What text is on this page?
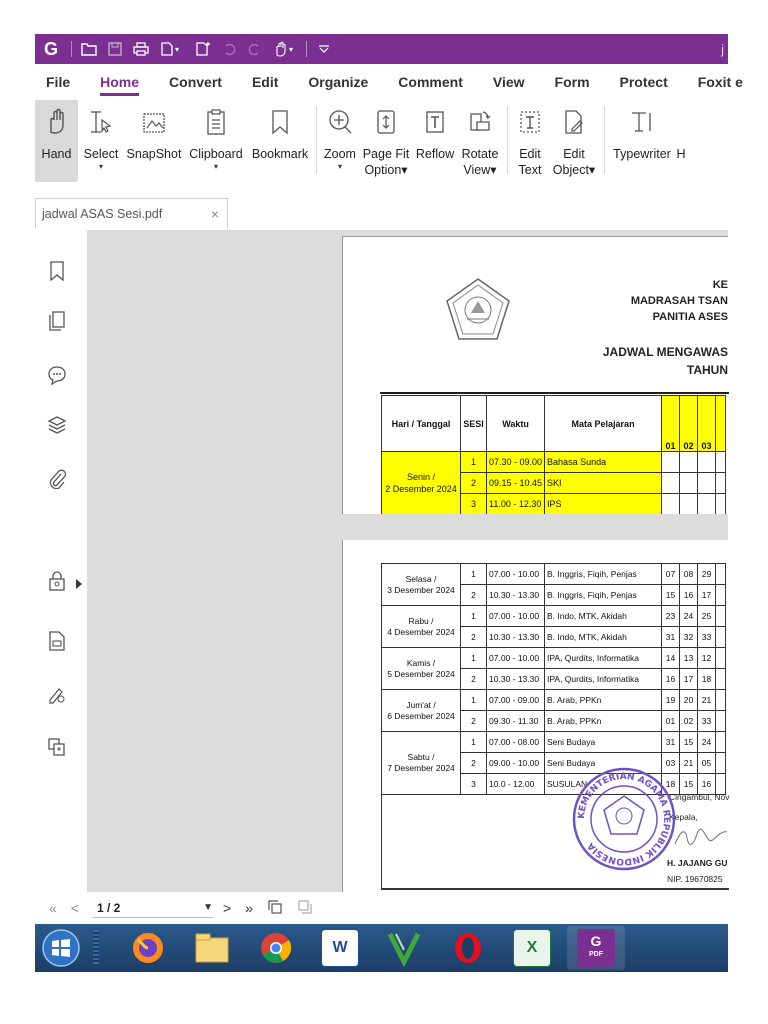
G	▾	▾	j
File Home Convert Edit Organize Comment View Form Protect Foxit e
Hand Select
▾
SnapShot Clipboard
▾
Bookmark Zoom
▾
Page Fit
Option▾
Reflow Rotate
View▾
Edit
Text
Edit
Object▾
Typewriter H
jadwal ASAS Sesi.pdf	×
KE
MADRASAH TSAN
PANITIA ASES
JADWAL MENGAWAS
TAHUN
Hari / Tanggal	SESI	Waktu	Mata Pelajaran	01	02	03	
Senin /
2 Desember 2024	1	07.30 - 09.00	Bahasa Sunda				
	2	09.15 - 10.45	SKI				
	3	11.00 - 12.30	IPS				
Selasa /
3 Desember 2024	1	07.00 - 10.00	B. Inggris, Fiqih, Penjas	07	08	29	
	2	10.30 - 13.30	B. Inggris, Fiqih, Penjas	15	16	17	
Rabu /
4 Desember 2024	1	07.00 - 10.00	B. Indo, MTK, Akidah	23	24	25	
	2	10.30 - 13.30	B. Indo, MTK, Akidah	31	32	33	
Kamis /
5 Desember 2024	1	07.00 - 10.00	IPA, Qurdits, Informatika	14	13	12	
	2	10.30 - 13.30	IPA, Qurdits, Informatika	16	17	18	
Jum'at /
6 Desember 2024	1	07.00 - 09.00	B. Arab, PPKn	19	20	21	
	2	09.30 - 11.30	B. Arab, PPKn	01	02	33	
Sabtu /
7 Desember 2024	1	07.00 - 08.00	Seni Budaya	31	15	24	
	2	09.00 - 10.00	Seni Budaya	03	21	05	
	3	10.0 - 12.00	SUSULAN	18	15	16	
Cingambul, Nov
Kepala,
H. JAJANG GU
NIP. 19670825
KEMENTERIAN AGAMA REPUBLIK INDONESIA
« < 1 / 2	▼ > »
W	X	G
PDF
